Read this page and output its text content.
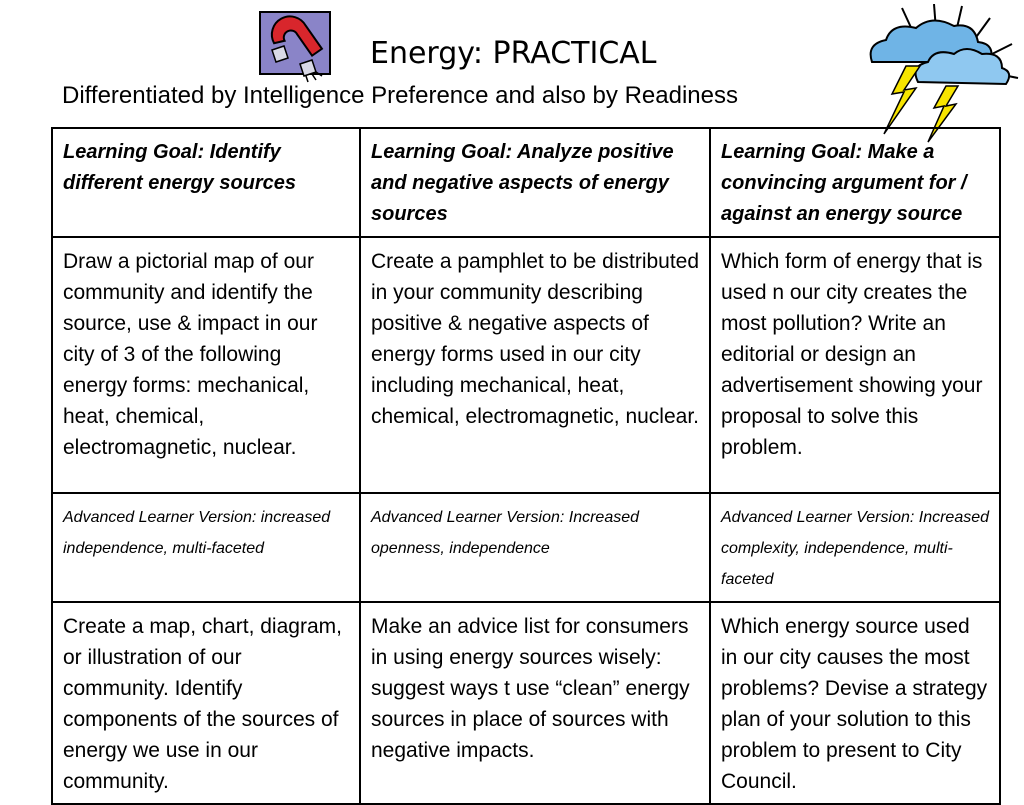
Energy: PRACTICAL

Differentiated by Intelligence Preference and also by Readiness

Learning Goal: Identify different energy sources	Learning Goal: Analyze positive and negative aspects of energy sources	Learning Goal: Make a convincing argument for / against an energy source
Draw a pictorial map of our community and identify the source, use & impact in our city of 3 of the following energy forms: mechanical, heat, chemical, electromagnetic, nuclear.	Create a pamphlet to be distributed in your community describing positive & negative aspects of energy forms used in our city including mechanical, heat, chemical, electromagnetic, nuclear.	Which form of energy that is used n our city creates the most pollution? Write an editorial or design an advertisement showing your proposal to solve this problem.
Advanced Learner Version: increased independence, multi-faceted	Advanced Learner Version: Increased openness, independence	Advanced Learner Version: Increased complexity, independence, multi-faceted
Create a map, chart, diagram, or illustration of our community. Identify components of the sources of energy we use in our community.	Make an advice list for consumers in using energy sources wisely: suggest ways t use “clean” energy sources in place of sources with negative impacts.	Which energy source used in our city causes the most problems? Devise a strategy plan of your solution to this problem to present to City Council.
